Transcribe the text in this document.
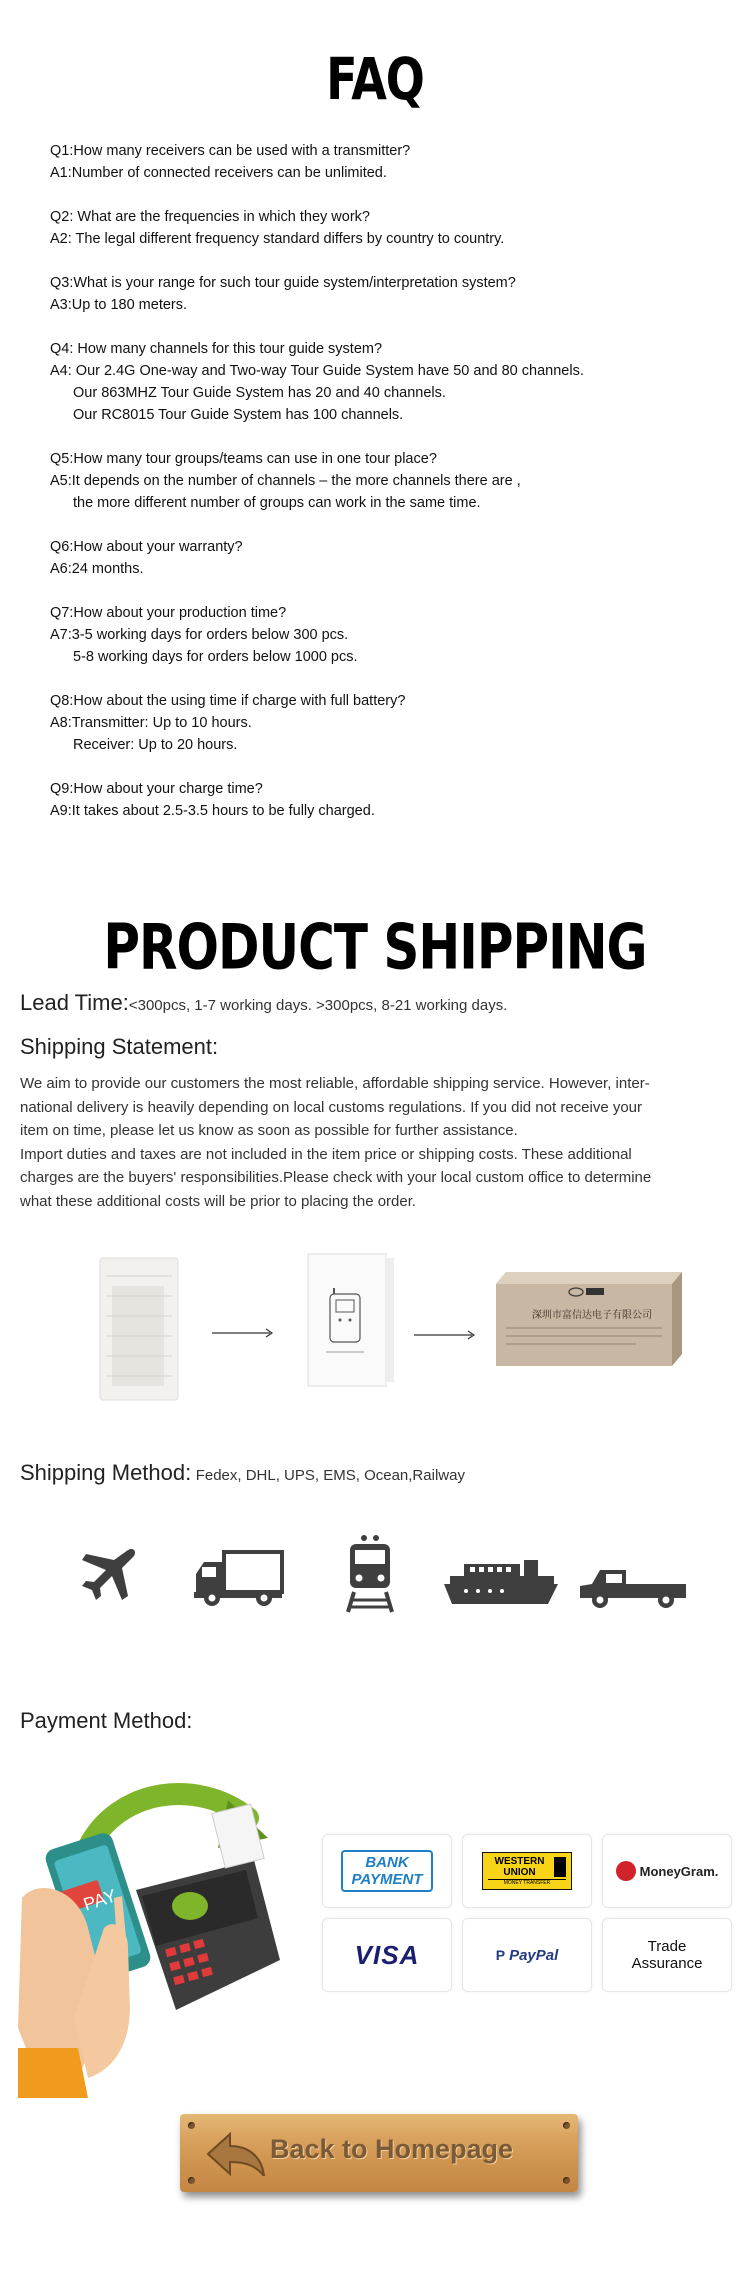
FAQ
Q1:How many receivers can be used with a transmitter?
A1:Number of connected receivers can be unlimited.
Q2: What are the frequencies in which they work?
A2: The legal different frequency standard differs by country to country.
Q3:What is your range for such tour guide system/interpretation system?
A3:Up to 180 meters.
Q4: How many channels for this tour guide system?
A4: Our 2.4G One-way and Two-way Tour Guide System have 50 and 80 channels.
Our 863MHZ Tour Guide System has 20 and 40 channels.
Our RC8015 Tour Guide System has 100 channels.
Q5:How many tour groups/teams can use in one tour place?
A5:It depends on the number of channels – the more channels there are ,
the more different number of groups can work in the same time.
Q6:How about your warranty?
A6:24 months.
Q7:How about your production time?
A7:3-5 working days for orders below 300 pcs.
5-8 working days for orders below 1000 pcs.
Q8:How about the using time if charge with full battery?
A8:Transmitter: Up to 10 hours.
Receiver: Up to 20 hours.
Q9:How about your charge time?
A9:It takes about 2.5-3.5 hours to be fully charged.
PRODUCT SHIPPING
Lead Time:<300pcs, 1-7 working days. >300pcs, 8-21 working days.
Shipping Statement:
We aim to provide our customers the most reliable, affordable shipping service. However, inter-
national delivery is heavily depending on local customs regulations. If you did not receive your
item on time, please let us know as soon as possible for further assistance.
Import duties and taxes are not included in the item price or shipping costs. These additional
charges are the buyers' responsibilities.Please check with your local custom office to determine
what these additional costs will be prior to placing the order.
深圳市富信达电子有限公司
Shipping Method: Fedex, DHL, UPS, EMS, Ocean,Railway
Payment Method:
PAY
BANK
PAYMENT
WESTERN
UNION
MONEY TRANSFER
MoneyGram.
VISA	P PayPal	Trade
Assurance
Back to Homepage
